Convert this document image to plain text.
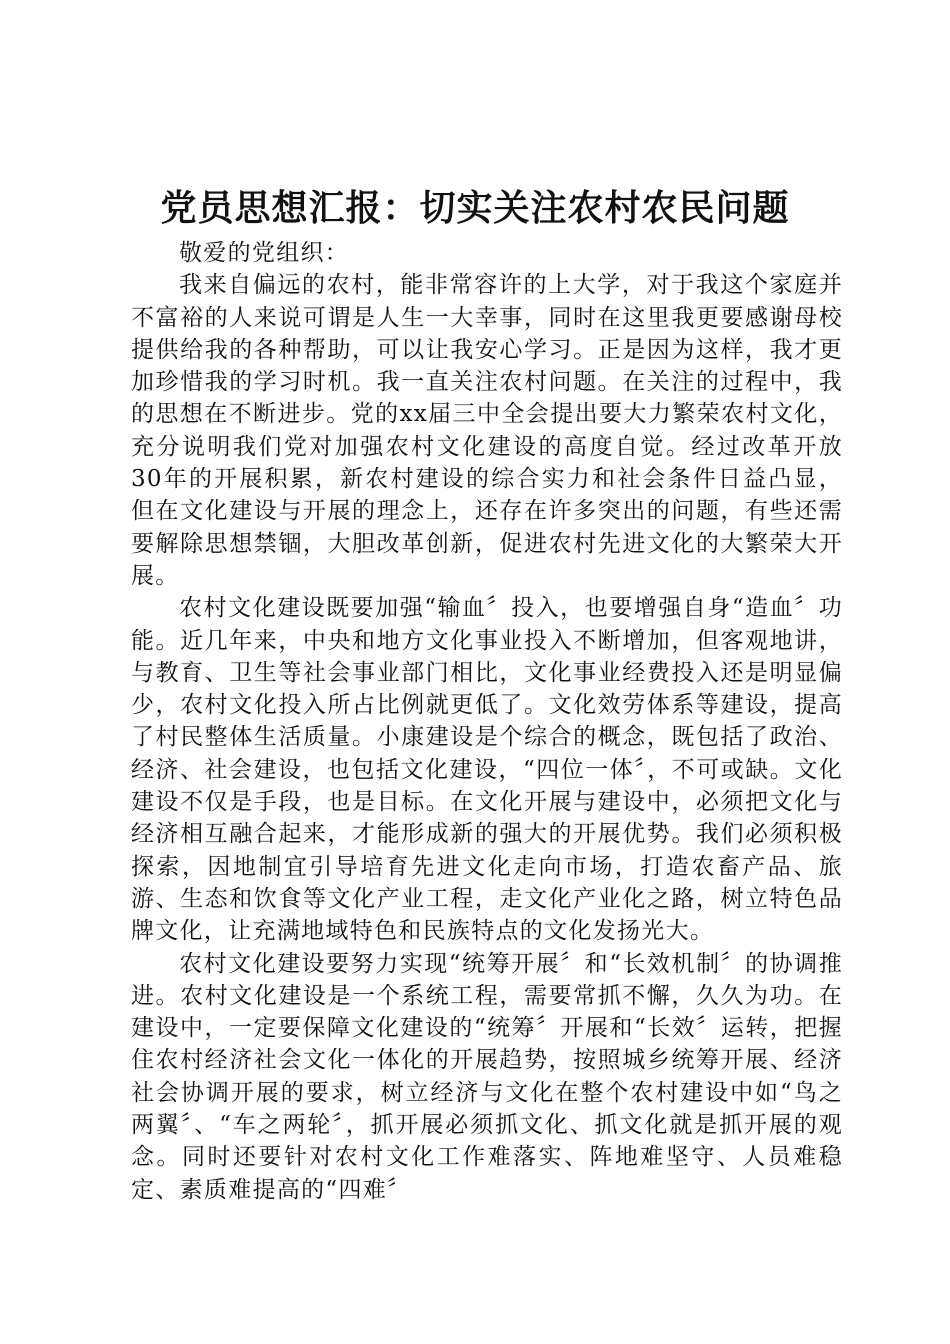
党员思想汇报：切实关注农村农民问题

敬爱的党组织：

我来自偏远的农村，能非常容许的上大学，对于我这个家庭并不富裕的人来说可谓是人生一大幸事，同时在这里我更要感谢母校提供给我的各种帮助，可以让我安心学习。正是因为这样，我才更加珍惜我的学习时机。我一直关注农村问题。在关注的过程中，我的思想在不断进步。党的xx届三中全会提出要大力繁荣农村文化，充分说明我们党对加强农村文化建设的高度自觉。经过改革开放30年的开展积累，新农村建设的综合实力和社会条件日益凸显，但在文化建设与开展的理念上，还存在许多突出的问题，有些还需要解除思想禁锢，大胆改革创新，促进农村先进文化的大繁荣大开展。

农村文化建设既要加强“输血〞投入，也要增强自身“造血〞功能。近几年来，中央和地方文化事业投入不断增加，但客观地讲，与教育、卫生等社会事业部门相比，文化事业经费投入还是明显偏少，农村文化投入所占比例就更低了。文化效劳体系等建设，提高了村民整体生活质量。小康建设是个综合的概念，既包括了政治、经济、社会建设，也包括文化建设，“四位一体〞，不可或缺。文化建设不仅是手段，也是目标。在文化开展与建设中，必须把文化与经济相互融合起来，才能形成新的强大的开展优势。我们必须积极探索，因地制宜引导培育先进文化走向市场，打造农畜产品、旅游、生态和饮食等文化产业工程，走文化产业化之路，树立特色品牌文化，让充满地域特色和民族特点的文化发扬光大。

农村文化建设要努力实现“统筹开展〞和“长效机制〞的协调推进。农村文化建设是一个系统工程，需要常抓不懈，久久为功。在建设中，一定要保障文化建设的“统筹〞开展和“长效〞运转，把握住农村经济社会文化一体化的开展趋势，按照城乡统筹开展、经济社会协调开展的要求，树立经济与文化在整个农村建设中如“鸟之两翼〞、“车之两轮〞，抓开展必须抓文化、抓文化就是抓开展的观念。同时还要针对农村文化工作难落实、阵地难坚守、人员难稳定、素质难提高的“四难〞
